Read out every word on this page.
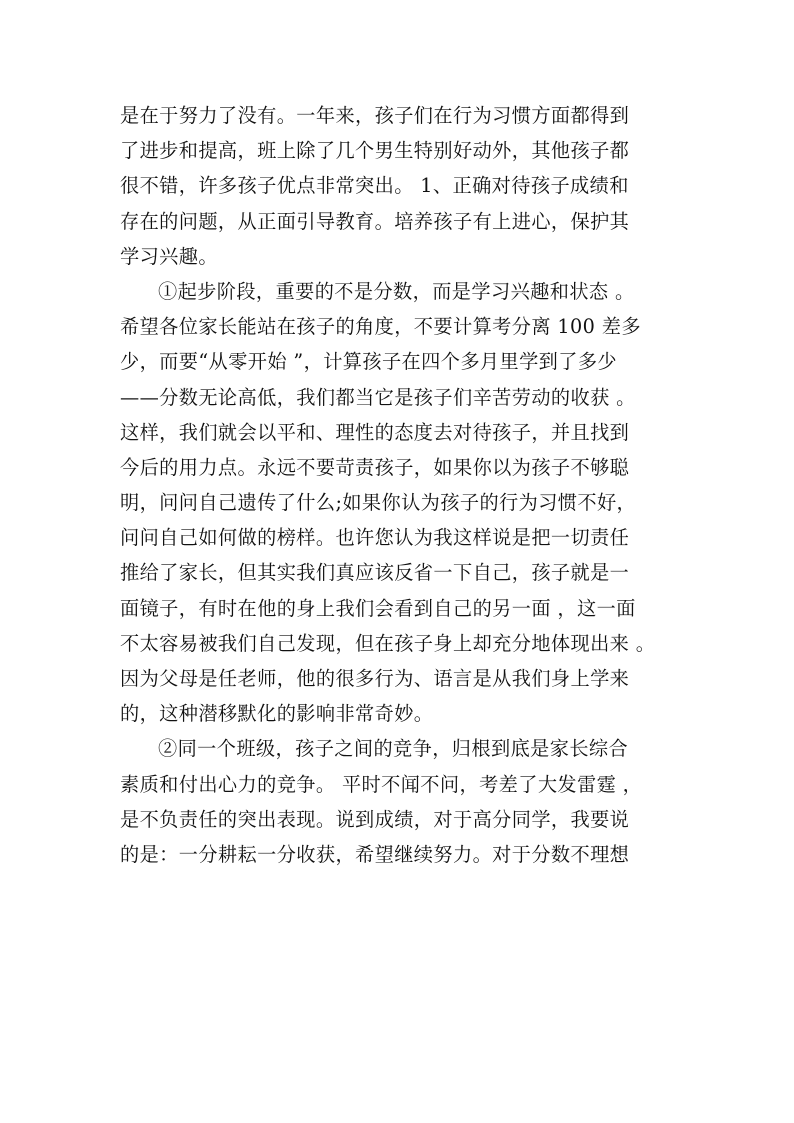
是在于努力了没有。一年来，孩子们在行为习惯方面都得到
了进步和提高，班上除了几个男生特别好动外，其他孩子都
很不错，许多孩子优点非常突出。 1、正确对待孩子成绩和
存在的问题，从正面引导教育。培养孩子有上进心，保护其
学习兴趣。
①起步阶段，重要的不是分数，而是学习兴趣和状态 。
希望各位家长能站在孩子的角度，不要计算考分离 100 差多
少，而要“从零开始 ”，计算孩子在四个多月里学到了多少
——分数无论高低，我们都当它是孩子们辛苦劳动的收获 。
这样，我们就会以平和、理性的态度去对待孩子，并且找到
今后的用力点。永远不要苛责孩子，如果你以为孩子不够聪
明，问问自己遗传了什么;如果你认为孩子的行为习惯不好，
问问自己如何做的榜样。也许您认为我这样说是把一切责任
推给了家长，但其实我们真应该反省一下自己，孩子就是一
面镜子，有时在他的身上我们会看到自己的另一面 ，这一面
不太容易被我们自己发现，但在孩子身上却充分地体现出来 。
因为父母是任老师，他的很多行为、语言是从我们身上学来
的，这种潜移默化的影响非常奇妙。
②同一个班级，孩子之间的竞争，归根到底是家长综合
素质和付出心力的竞争。 平时不闻不问，考差了大发雷霆 ，
是不负责任的突出表现。说到成绩，对于高分同学，我要说
的是：一分耕耘一分收获，希望继续努力。对于分数不理想
